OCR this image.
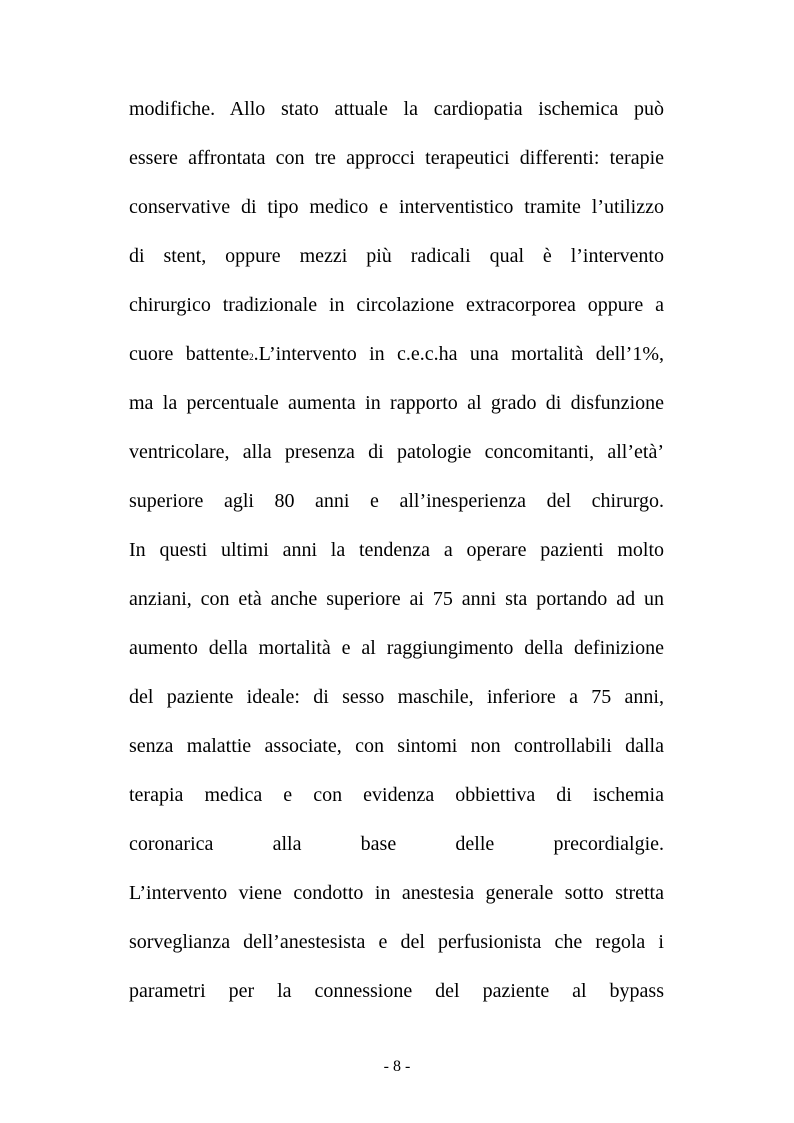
modifiche. Allo stato attuale la cardiopatia ischemica può
essere affrontata con tre approcci terapeutici differenti: terapie
conservative di tipo medico e interventistico tramite l’utilizzo
di stent, oppure mezzi più radicali qual è l’intervento
chirurgico tradizionale in circolazione extracorporea oppure a
cuore battente2.L’intervento in c.e.c.ha una mortalità dell’1%,
ma la percentuale aumenta in rapporto al grado di disfunzione
ventricolare, alla presenza di patologie concomitanti, all’età’
superiore agli 80 anni e all’inesperienza del chirurgo.
In questi ultimi anni la tendenza a operare pazienti molto
anziani, con età anche superiore ai 75 anni sta portando ad un
aumento della mortalità e al raggiungimento della definizione
del paziente ideale: di sesso maschile, inferiore a 75 anni,
senza malattie associate, con sintomi non controllabili dalla
terapia medica e con evidenza obbiettiva di ischemia
coronarica alla base delle precordialgie.
L’intervento viene condotto in anestesia generale sotto stretta
sorveglianza dell’anestesista e del perfusionista che regola i
parametri per la connessione del paziente al bypass
- 8 -
